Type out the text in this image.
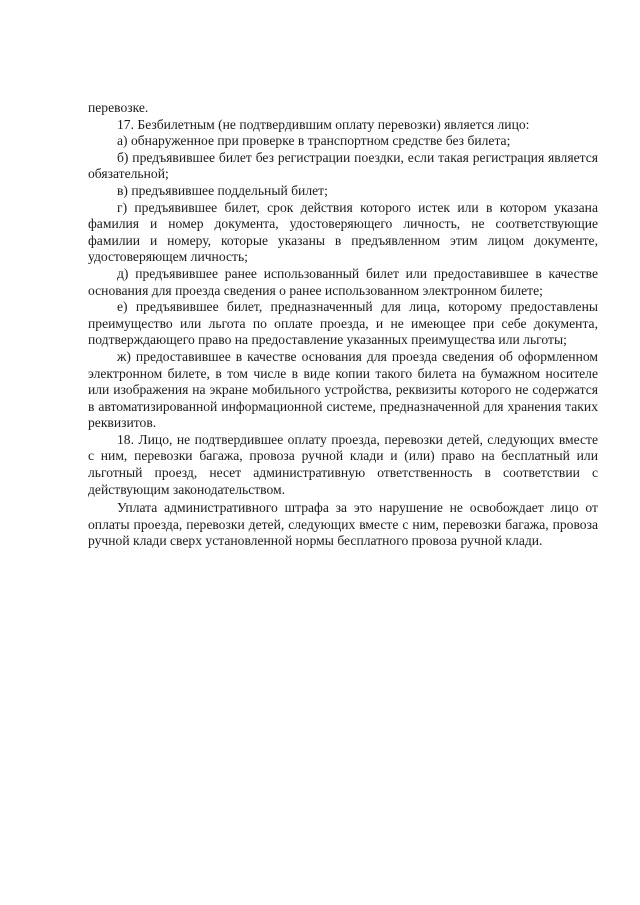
перевозке.

17. Безбилетным (не подтвердившим оплату перевозки) является лицо:

а) обнаруженное при проверке в транспортном средстве без билета;

б) предъявившее билет без регистрации поездки, если такая регистрация является обязательной;

в) предъявившее поддельный билет;

г) предъявившее билет, срок действия которого истек или в котором указана фамилия и номер документа, удостоверяющего личность, не соответствующие фамилии и номеру, которые указаны в предъявленном этим лицом документе, удостоверяющем личность;

д) предъявившее ранее использованный билет или предоставившее в качестве основания для проезда сведения о ранее использованном электронном билете;

е) предъявившее билет, предназначенный для лица, которому предоставлены преимущество или льгота по оплате проезда, и не имеющее при себе документа, подтверждающего право на предоставление указанных преимущества или льготы;

ж) предоставившее в качестве основания для проезда сведения об оформленном электронном билете, в том числе в виде копии такого билета на бумажном носителе или изображения на экране мобильного устройства, реквизиты которого не содержатся в автоматизированной информационной системе, предназначенной для хранения таких реквизитов.

18. Лицо, не подтвердившее оплату проезда, перевозки детей, следующих вместе с ним, перевозки багажа, провоза ручной клади и (или) право на бесплатный или льготный проезд, несет административную ответственность в соответствии с действующим законодательством.

Уплата административного штрафа за это нарушение не освобождает лицо от оплаты проезда, перевозки детей, следующих вместе с ним, перевозки багажа, провоза ручной клади сверх установленной нормы бесплатного провоза ручной клади.
